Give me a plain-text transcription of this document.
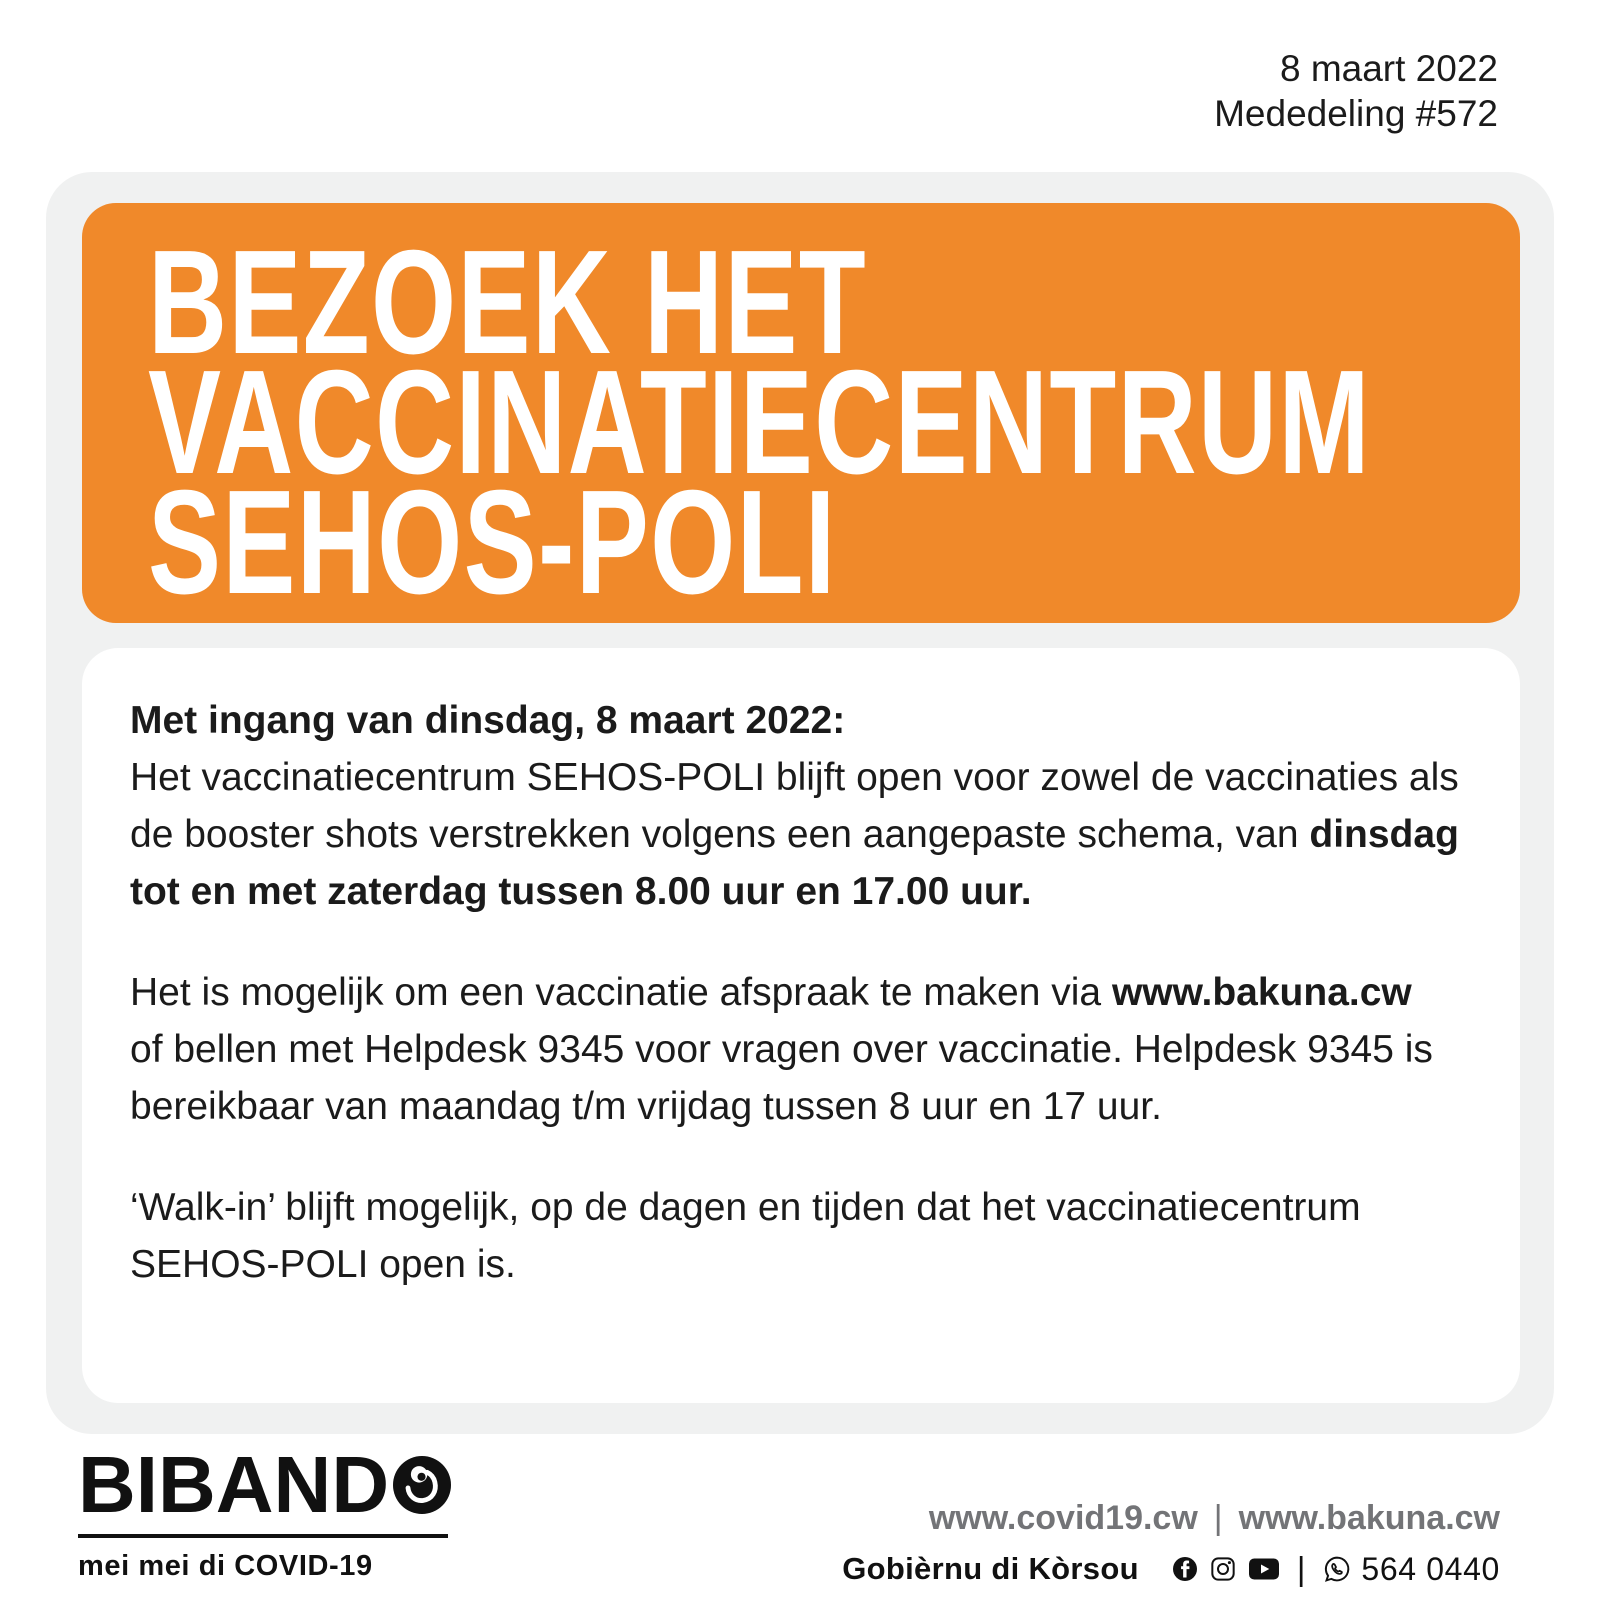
8 maart 2022
Mededeling #572
BEZOEK HET
VACCINATIECENTRUM
SEHOS-POLI
Met ingang van dinsdag, 8 maart 2022:
Het vaccinatiecentrum SEHOS-POLI blijft open voor zowel de vaccinaties als
de booster shots verstrekken volgens een aangepaste schema, van dinsdag
tot en met zaterdag tussen 8.00 uur en 17.00 uur.
Het is mogelijk om een vaccinatie afspraak te maken via www.bakuna.cw
of bellen met Helpdesk 9345 voor vragen over vaccinatie. Helpdesk 9345 is
bereikbaar van maandag t/m vrijdag tussen 8 uur en 17 uur.
‘Walk-in’ blijft mogelijk, op de dagen en tijden dat het vaccinatiecentrum
SEHOS-POLI open is.
BIBAND
mei mei di COVID-19
www.covid19.cw | www.bakuna.cw
Gobièrnu di Kòrsou	| 564 0440
